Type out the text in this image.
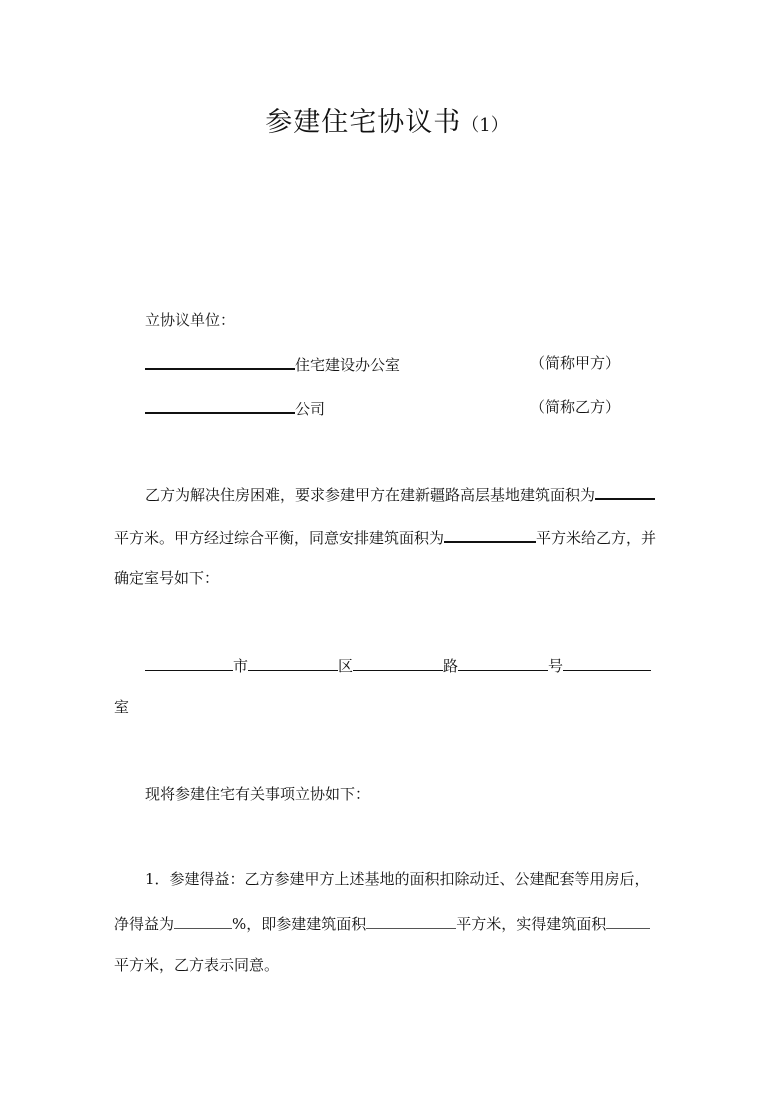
参建住宅协议书（1）
立协议单位：
住宅建设办公室	（简称甲方）
公司	（简称乙方）
乙方为解决住房困难，要求参建甲方在建新疆路高层基地建筑面积为
平方米。甲方经过综合平衡，同意安排建筑面积为	平方米给乙方，并
确定室号如下：
市	区	路	号
室
现将参建住宅有关事项立协如下：
1．参建得益：乙方参建甲方上述基地的面积扣除动迁、公建配套等用房后，
净得益为	%，即参建建筑面积	平方米，实得建筑面积
平方米，乙方表示同意。
